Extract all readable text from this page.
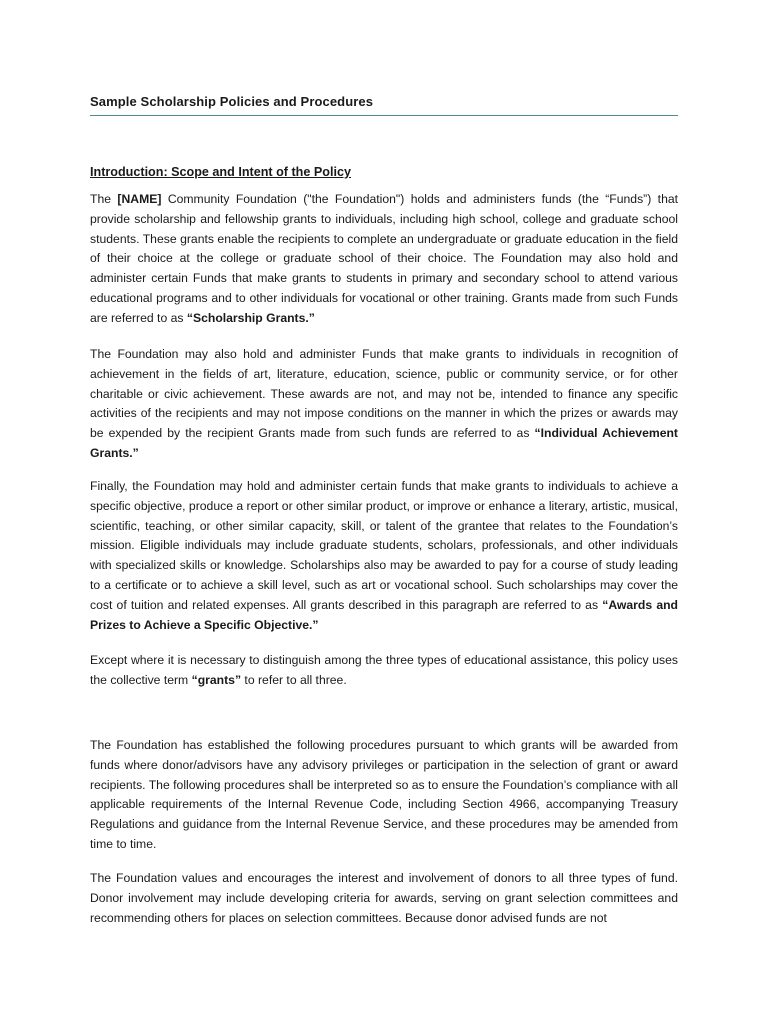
Sample Scholarship Policies and Procedures
Introduction: Scope and Intent of the Policy

The [NAME] Community Foundation ("the Foundation") holds and administers funds (the “Funds”) that provide scholarship and fellowship grants to individuals, including high school, college and graduate school students. These grants enable the recipients to complete an undergraduate or graduate education in the field of their choice at the college or graduate school of their choice. The Foundation may also hold and administer certain Funds that make grants to students in primary and secondary school to attend various educational programs and to other individuals for vocational or other training. Grants made from such Funds are referred to as “Scholarship Grants.”

The Foundation may also hold and administer Funds that make grants to individuals in recognition of achievement in the fields of art, literature, education, science, public or community service, or for other charitable or civic achievement. These awards are not, and may not be, intended to finance any specific activities of the recipients and may not impose conditions on the manner in which the prizes or awards may be expended by the recipient Grants made from such funds are referred to as “Individual Achievement Grants.”

Finally, the Foundation may hold and administer certain funds that make grants to individuals to achieve a specific objective, produce a report or other similar product, or improve or enhance a literary, artistic, musical, scientific, teaching, or other similar capacity, skill, or talent of the grantee that relates to the Foundation’s mission. Eligible individuals may include graduate students, scholars, professionals, and other individuals with specialized skills or knowledge. Scholarships also may be awarded to pay for a course of study leading to a certificate or to achieve a skill level, such as art or vocational school. Such scholarships may cover the cost of tuition and related expenses. All grants described in this paragraph are referred to as “Awards and Prizes to Achieve a Specific Objective.”

Except where it is necessary to distinguish among the three types of educational assistance, this policy uses the collective term “grants” to refer to all three.

The Foundation has established the following procedures pursuant to which grants will be awarded from funds where donor/advisors have any advisory privileges or participation in the selection of grant or award recipients. The following procedures shall be interpreted so as to ensure the Foundation’s compliance with all applicable requirements of the Internal Revenue Code, including Section 4966, accompanying Treasury Regulations and guidance from the Internal Revenue Service, and these procedures may be amended from time to time.

The Foundation values and encourages the interest and involvement of donors to all three types of fund. Donor involvement may include developing criteria for awards, serving on grant selection committees and recommending others for places on selection committees. Because donor advised funds are not
